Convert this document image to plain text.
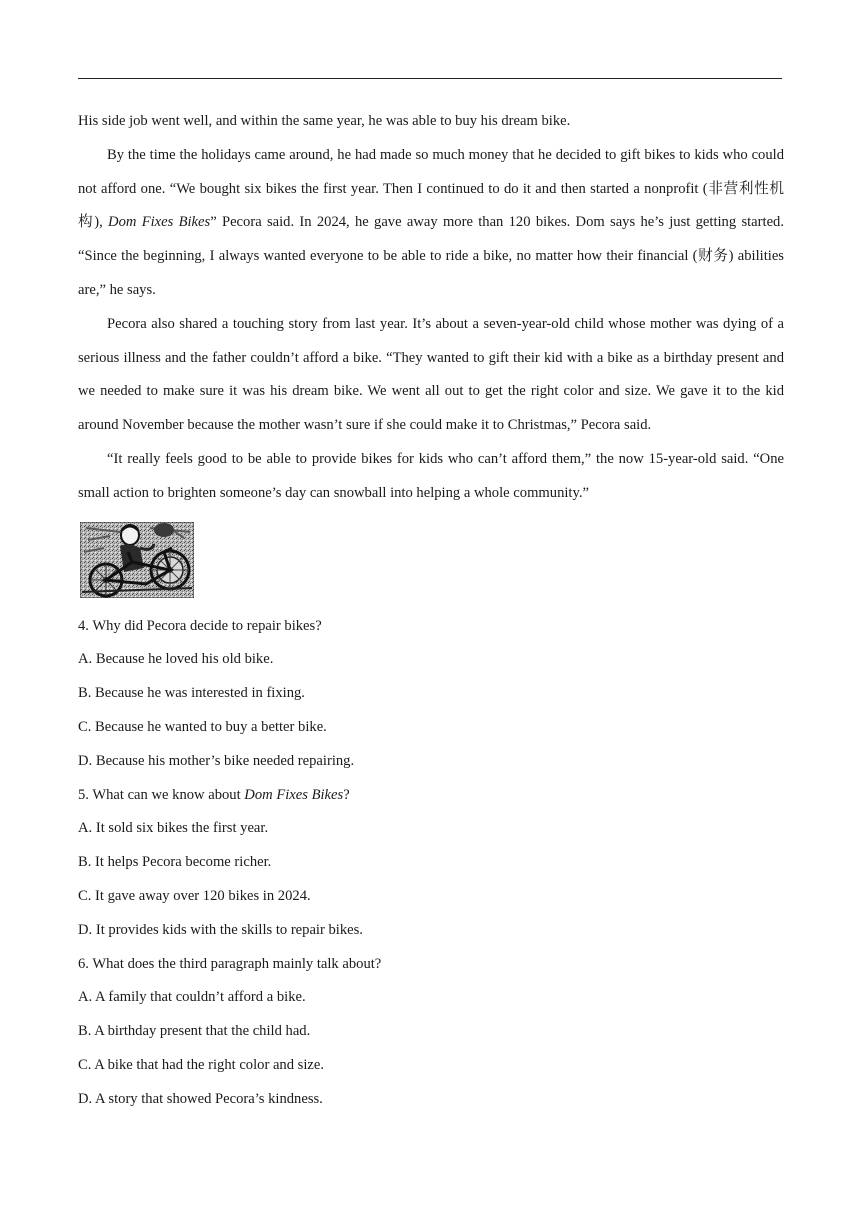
His side job went well, and within the same year, he was able to buy his dream bike.

By the time the holidays came around, he had made so much money that he decided to gift bikes to kids who could not afford one. “We bought six bikes the first year. Then I continued to do it and then started a nonprofit (非营利性机构), Dom Fixes Bikes” Pecora said. In 2024, he gave away more than 120 bikes. Dom says he’s just getting started. “Since the beginning, I always wanted everyone to be able to ride a bike, no matter how their financial (财务) abilities are,” he says.

Pecora also shared a touching story from last year. It’s about a seven-year-old child whose mother was dying of a serious illness and the father couldn’t afford a bike. “They wanted to gift their kid with a bike as a birthday present and we needed to make sure it was his dream bike. We went all out to get the right color and size. We gave it to the kid around November because the mother wasn’t sure if she could make it to Christmas,” Pecora said.

“It really feels good to be able to provide bikes for kids who can’t afford them,” the now 15-year-old said. “One small action to brighten someone’s day can snowball into helping a whole community.”

4. Why did Pecora decide to repair bikes?

A. Because he loved his old bike.

B. Because he was interested in fixing.

C. Because he wanted to buy a better bike.

D. Because his mother’s bike needed repairing.

5. What can we know about Dom Fixes Bikes?

A. It sold six bikes the first year.

B. It helps Pecora become richer.

C. It gave away over 120 bikes in 2024.

D. It provides kids with the skills to repair bikes.

6. What does the third paragraph mainly talk about?

A. A family that couldn’t afford a bike.

B. A birthday present that the child had.

C. A bike that had the right color and size.

D. A story that showed Pecora’s kindness.
